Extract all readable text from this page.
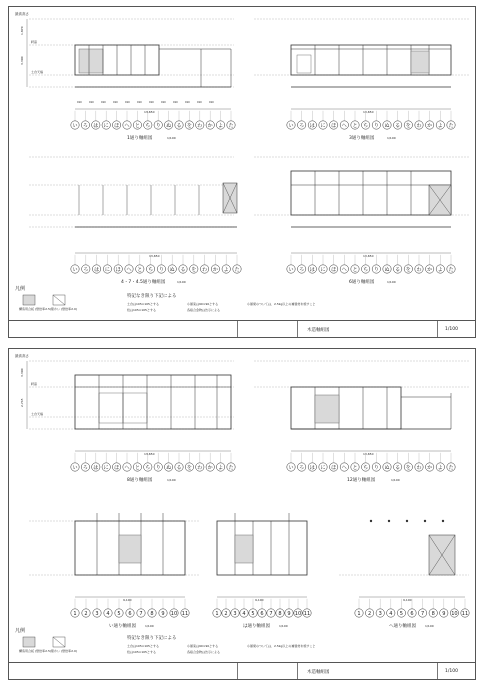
最高高さ
軒高
土台天端
1,870
3,390
910	910	910	910	910	910	910	910	910	910	910	910
13,650
い ろ は に ほ へ と ち り ぬ る を わ か よ た
1通り軸組図	1/100
13,650
い ろ は に ほ へ と ち り ぬ る を わ か よ た
3通り軸組図	1/100
13,650
い ろ は に ほ へ と ち り ぬ る を わ か よ た
4・7・4.5通り軸組図	1/100
13,650
い ろ は に ほ へ と ち り ぬ る を わ か よ た
6通り軸組図	1/100
凡例
構造用合板 (壁倍率2.5) 筋かい (壁倍率2.0)
特記なき限り下記による
土台は105×105とする
柱は105×105とする
小屋束は90×90とする
各接合金物は告示による
小屋梁のついては、2.5kg以上の補強材を施すこと
木造軸組図	1/100
最高高さ
軒高
土台天端
3,390
2,745
13,650
い ろ は に ほ へ と ち り ぬ る を わ か よ た
8通り軸組図	1/100
13,650
い ろ は に ほ へ と ち り ぬ る を わ か よ た
12通り軸組図	1/100
9,100
1 2 3 4 5 6 7 8 9 10 11
い通り軸組図	1/100
9,100
1 2 3 4 5 6 7 8 9 10 11
は通り軸組図	1/100
9,100
1 2 3 4 5 6 7 8 9 10 11
へ通り軸組図	1/100
凡例
構造用合板 (壁倍率2.5) 筋かい (壁倍率2.0)
特記なき限り下記による
土台は105×105とする
柱は105×105とする
小屋束は90×90とする
各接合金物は告示による
小屋梁のついては、2.5kg以上の補強材を施すこと
木造軸組図	1/100
